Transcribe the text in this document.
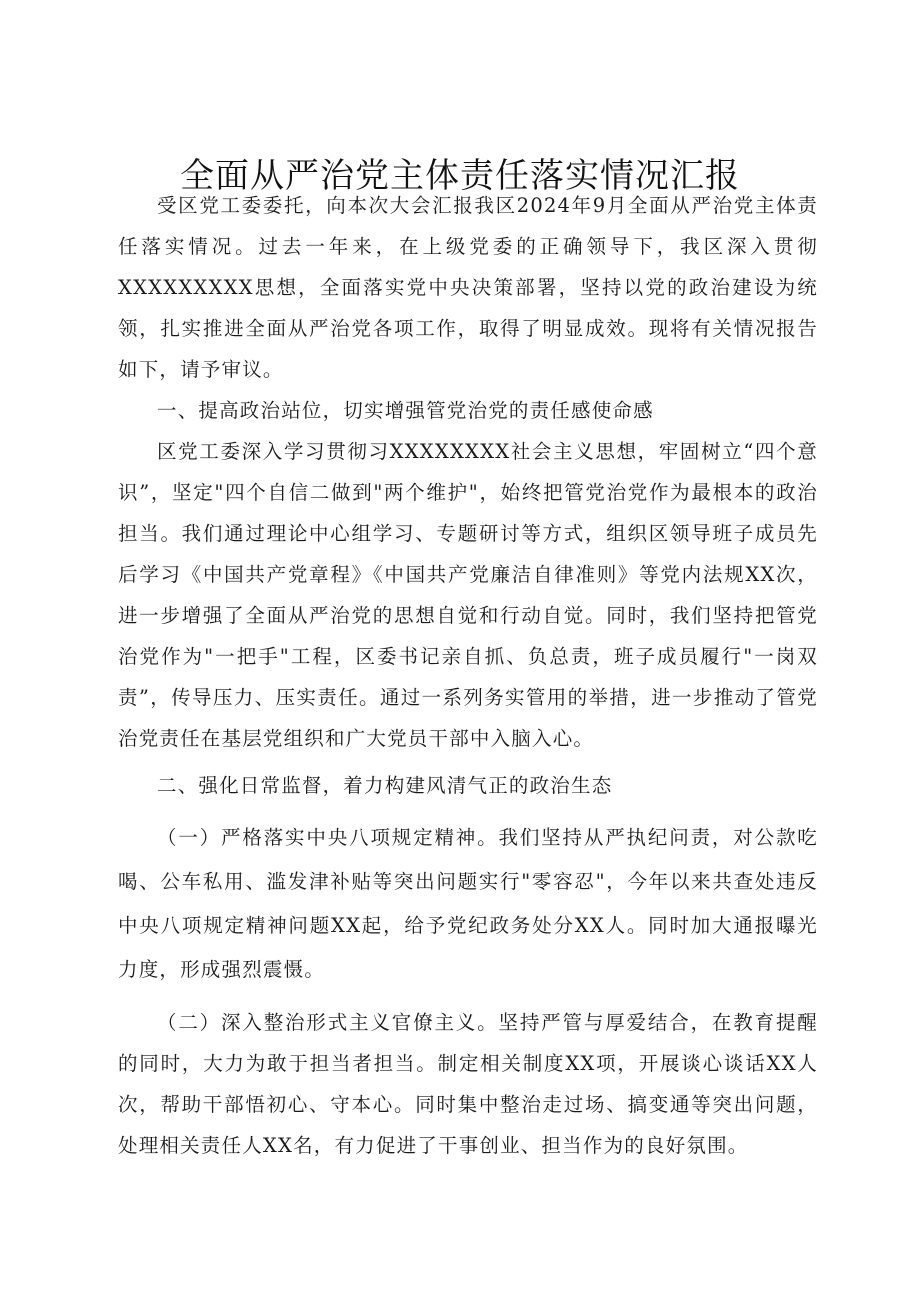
全面从严治党主体责任落实情况汇报

受区党工委委托，向本次大会汇报我区2024年9月全面从严治党主体责任落实情况。过去一年来，在上级党委的正确领导下，我区深入贯彻XXXXXXXXX思想，全面落实党中央决策部署，坚持以党的政治建设为统领，扎实推进全面从严治党各项工作，取得了明显成效。现将有关情况报告如下，请予审议。

一、提高政治站位，切实增强管党治党的责任感使命感

区党工委深入学习贯彻习XXXXXXXX社会主义思想，牢固树立“四个意识”，坚定"四个自信二做到"两个维护"，始终把管党治党作为最根本的政治担当。我们通过理论中心组学习、专题研讨等方式，组织区领导班子成员先后学习《中国共产党章程》《中国共产党廉洁自律准则》等党内法规XX次，进一步增强了全面从严治党的思想自觉和行动自觉。同时，我们坚持把管党治党作为"一把手"工程，区委书记亲自抓、负总责，班子成员履行"一岗双责”，传导压力、压实责任。通过一系列务实管用的举措，进一步推动了管党治党责任在基层党组织和广大党员干部中入脑入心。

二、强化日常监督，着力构建风清气正的政治生态

（一）严格落实中央八项规定精神。我们坚持从严执纪问责，对公款吃喝、公车私用、滥发津补贴等突出问题实行"零容忍"，今年以来共查处违反中央八项规定精神问题XX起，给予党纪政务处分XX人。同时加大通报曝光力度，形成强烈震慑。

（二）深入整治形式主义官僚主义。坚持严管与厚爱结合，在教育提醒的同时，大力为敢于担当者担当。制定相关制度XX项，开展谈心谈话XX人次，帮助干部悟初心、守本心。同时集中整治走过场、搞变通等突出问题，处理相关责任人XX名，有力促进了干事创业、担当作为的良好氛围。
